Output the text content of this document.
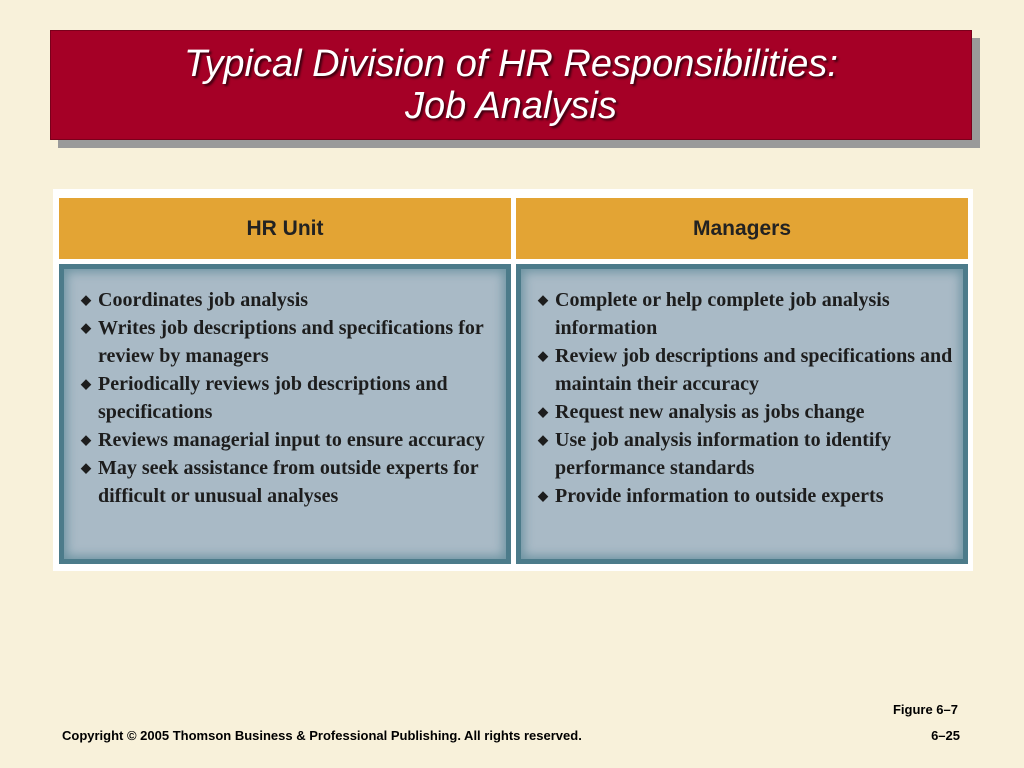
Typical Division of HR Responsibilities:
Job Analysis
HR Unit	Managers
◆ Coordinates job analysis
◆ Writes job descriptions and specifications for review by managers
◆ Periodically reviews job descriptions and specifications
◆ Reviews managerial input to ensure accuracy
◆ May seek assistance from outside experts for difficult or unusual analyses
◆ Complete or help complete job analysis information
◆ Review job descriptions and specifications and maintain their accuracy
◆ Request new analysis as jobs change
◆ Use job analysis information to identify performance standards
◆ Provide information to outside experts
Figure 6–7
Copyright © 2005 Thomson Business & Professional Publishing. All rights reserved.	6–25
